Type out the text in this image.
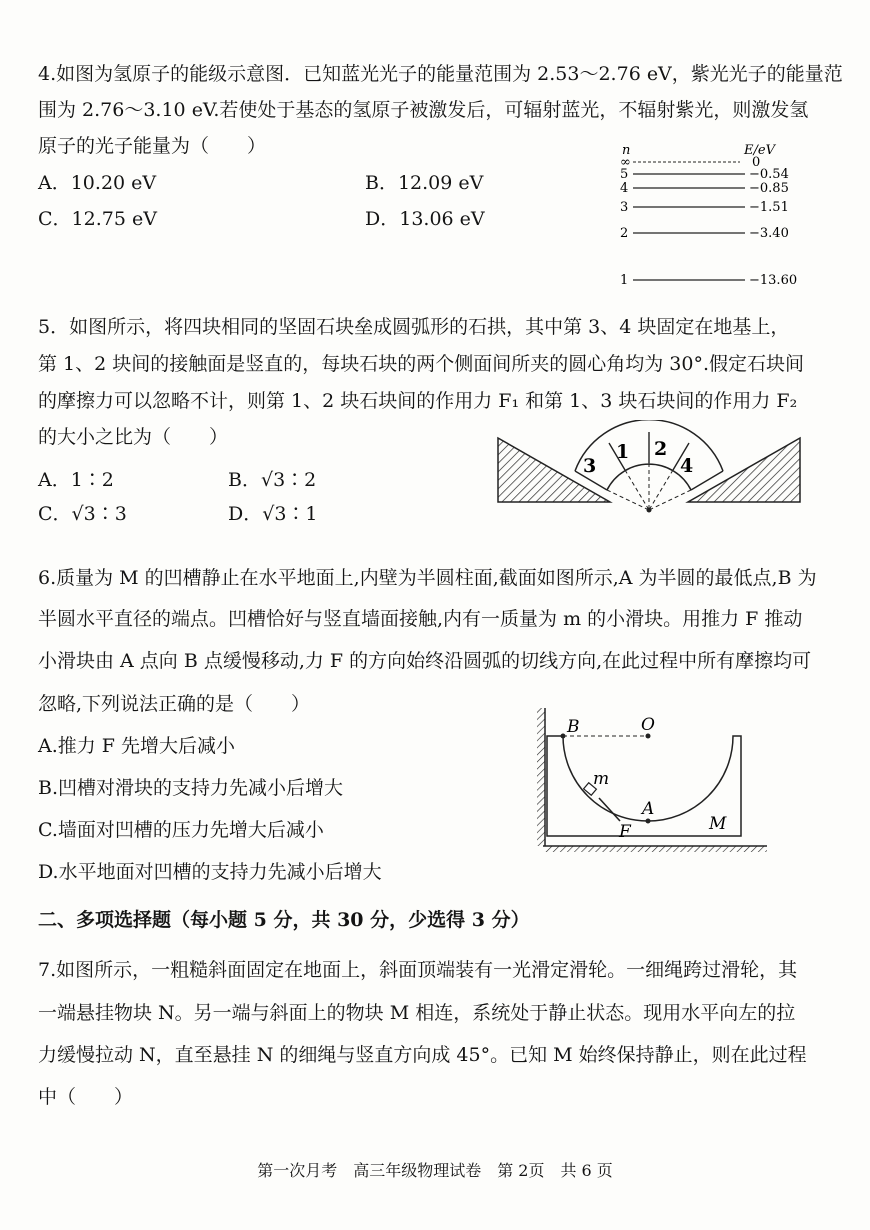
4.如图为氢原子的能级示意图．已知蓝光光子的能量范围为 2.53～2.76 eV，紫光光子的能量范
围为 2.76～3.10 eV.若使处于基态的氢原子被激发后，可辐射蓝光，不辐射紫光，则激发氢
原子的光子能量为（　　）
A．10.20 eV	B．12.09 eV
C．12.75 eV	D．13.06 eV
n	E/eV
∞
5
4
3
2
1
0
−0.54
−0.85
−1.51
−3.40
−13.60
5．如图所示，将四块相同的坚固石块垒成圆弧形的石拱，其中第 3、4 块固定在地基上，
第 1、2 块间的接触面是竖直的，每块石块的两个侧面间所夹的圆心角均为 30°.假定石块间
的摩擦力可以忽略不计，则第 1、2 块石块间的作用力 F₁ 和第 1、3 块石块间的作用力 F₂
的大小之比为（　　）
A．1∶2	B．√3∶2
C．√3∶3	D．√3∶1
3
1 2
4
6.质量为 M 的凹槽静止在水平地面上,内壁为半圆柱面,截面如图所示,A 为半圆的最低点,B 为
半圆水平直径的端点。凹槽恰好与竖直墙面接触,内有一质量为 m 的小滑块。用推力 F 推动
小滑块由 A 点向 B 点缓慢移动,力 F 的方向始终沿圆弧的切线方向,在此过程中所有摩擦均可
忽略,下列说法正确的是（　　）
A.推力 F 先增大后减小
B.凹槽对滑块的支持力先减小后增大
C.墙面对凹槽的压力先增大后减小
D.水平地面对凹槽的支持力先减小后增大
B	O
m
A
F	M
二、多项选择题（每小题 5 分，共 30 分，少选得 3 分）
7.如图所示，一粗糙斜面固定在地面上，斜面顶端装有一光滑定滑轮。一细绳跨过滑轮，其
一端悬挂物块 N。另一端与斜面上的物块 M 相连，系统处于静止状态。现用水平向左的拉
力缓慢拉动 N，直至悬挂 N 的细绳与竖直方向成 45°。已知 M 始终保持静止，则在此过程
中（　　）
第一次月考　高三年级物理试卷　第 2页　共 6 页
